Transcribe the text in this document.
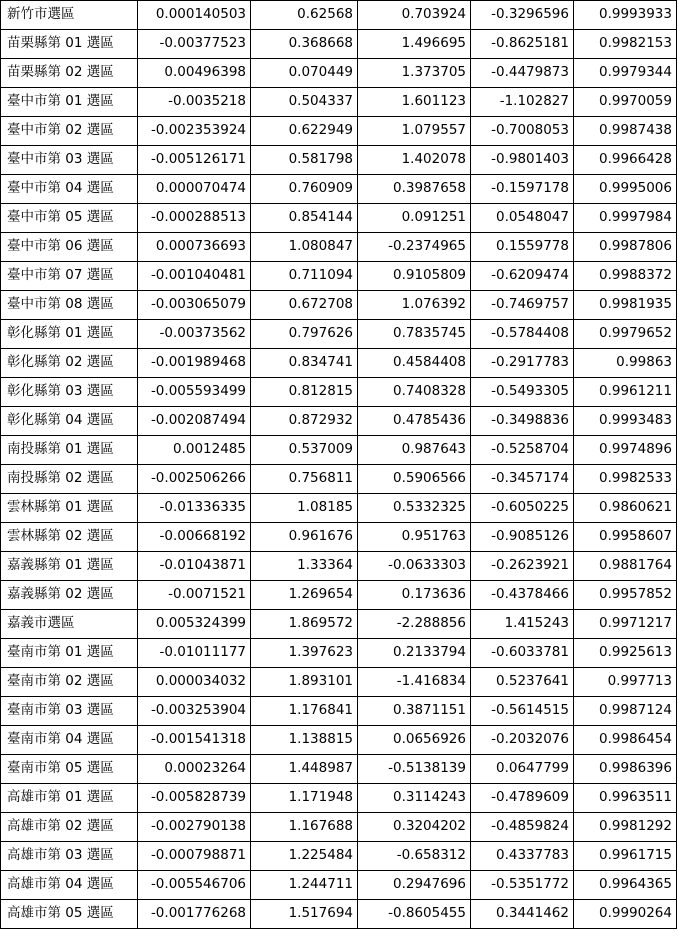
新竹市選區	0.000140503	0.62568	0.703924	-0.3296596	0.9993933
苗栗縣第 01 選區	-0.00377523	0.368668	1.496695	-0.8625181	0.9982153
苗栗縣第 02 選區	0.00496398	0.070449	1.373705	-0.4479873	0.9979344
臺中市第 01 選區	-0.0035218	0.504337	1.601123	-1.102827	0.9970059
臺中市第 02 選區	-0.002353924	0.622949	1.079557	-0.7008053	0.9987438
臺中市第 03 選區	-0.005126171	0.581798	1.402078	-0.9801403	0.9966428
臺中市第 04 選區	0.000070474	0.760909	0.3987658	-0.1597178	0.9995006
臺中市第 05 選區	-0.000288513	0.854144	0.091251	0.0548047	0.9997984
臺中市第 06 選區	0.000736693	1.080847	-0.2374965	0.1559778	0.9987806
臺中市第 07 選區	-0.001040481	0.711094	0.9105809	-0.6209474	0.9988372
臺中市第 08 選區	-0.003065079	0.672708	1.076392	-0.7469757	0.9981935
彰化縣第 01 選區	-0.00373562	0.797626	0.7835745	-0.5784408	0.9979652
彰化縣第 02 選區	-0.001989468	0.834741	0.4584408	-0.2917783	0.99863
彰化縣第 03 選區	-0.005593499	0.812815	0.7408328	-0.5493305	0.9961211
彰化縣第 04 選區	-0.002087494	0.872932	0.4785436	-0.3498836	0.9993483
南投縣第 01 選區	0.0012485	0.537009	0.987643	-0.5258704	0.9974896
南投縣第 02 選區	-0.002506266	0.756811	0.5906566	-0.3457174	0.9982533
雲林縣第 01 選區	-0.01336335	1.08185	0.5332325	-0.6050225	0.9860621
雲林縣第 02 選區	-0.00668192	0.961676	0.951763	-0.9085126	0.9958607
嘉義縣第 01 選區	-0.01043871	1.33364	-0.0633303	-0.2623921	0.9881764
嘉義縣第 02 選區	-0.0071521	1.269654	0.173636	-0.4378466	0.9957852
嘉義市選區	0.005324399	1.869572	-2.288856	1.415243	0.9971217
臺南市第 01 選區	-0.01011177	1.397623	0.2133794	-0.6033781	0.9925613
臺南市第 02 選區	0.000034032	1.893101	-1.416834	0.5237641	0.997713
臺南市第 03 選區	-0.003253904	1.176841	0.3871151	-0.5614515	0.9987124
臺南市第 04 選區	-0.001541318	1.138815	0.0656926	-0.2032076	0.9986454
臺南市第 05 選區	0.00023264	1.448987	-0.5138139	0.0647799	0.9986396
高雄市第 01 選區	-0.005828739	1.171948	0.3114243	-0.4789609	0.9963511
高雄市第 02 選區	-0.002790138	1.167688	0.3204202	-0.4859824	0.9981292
高雄市第 03 選區	-0.000798871	1.225484	-0.658312	0.4337783	0.9961715
高雄市第 04 選區	-0.005546706	1.244711	0.2947696	-0.5351772	0.9964365
高雄市第 05 選區	-0.001776268	1.517694	-0.8605455	0.3441462	0.9990264
